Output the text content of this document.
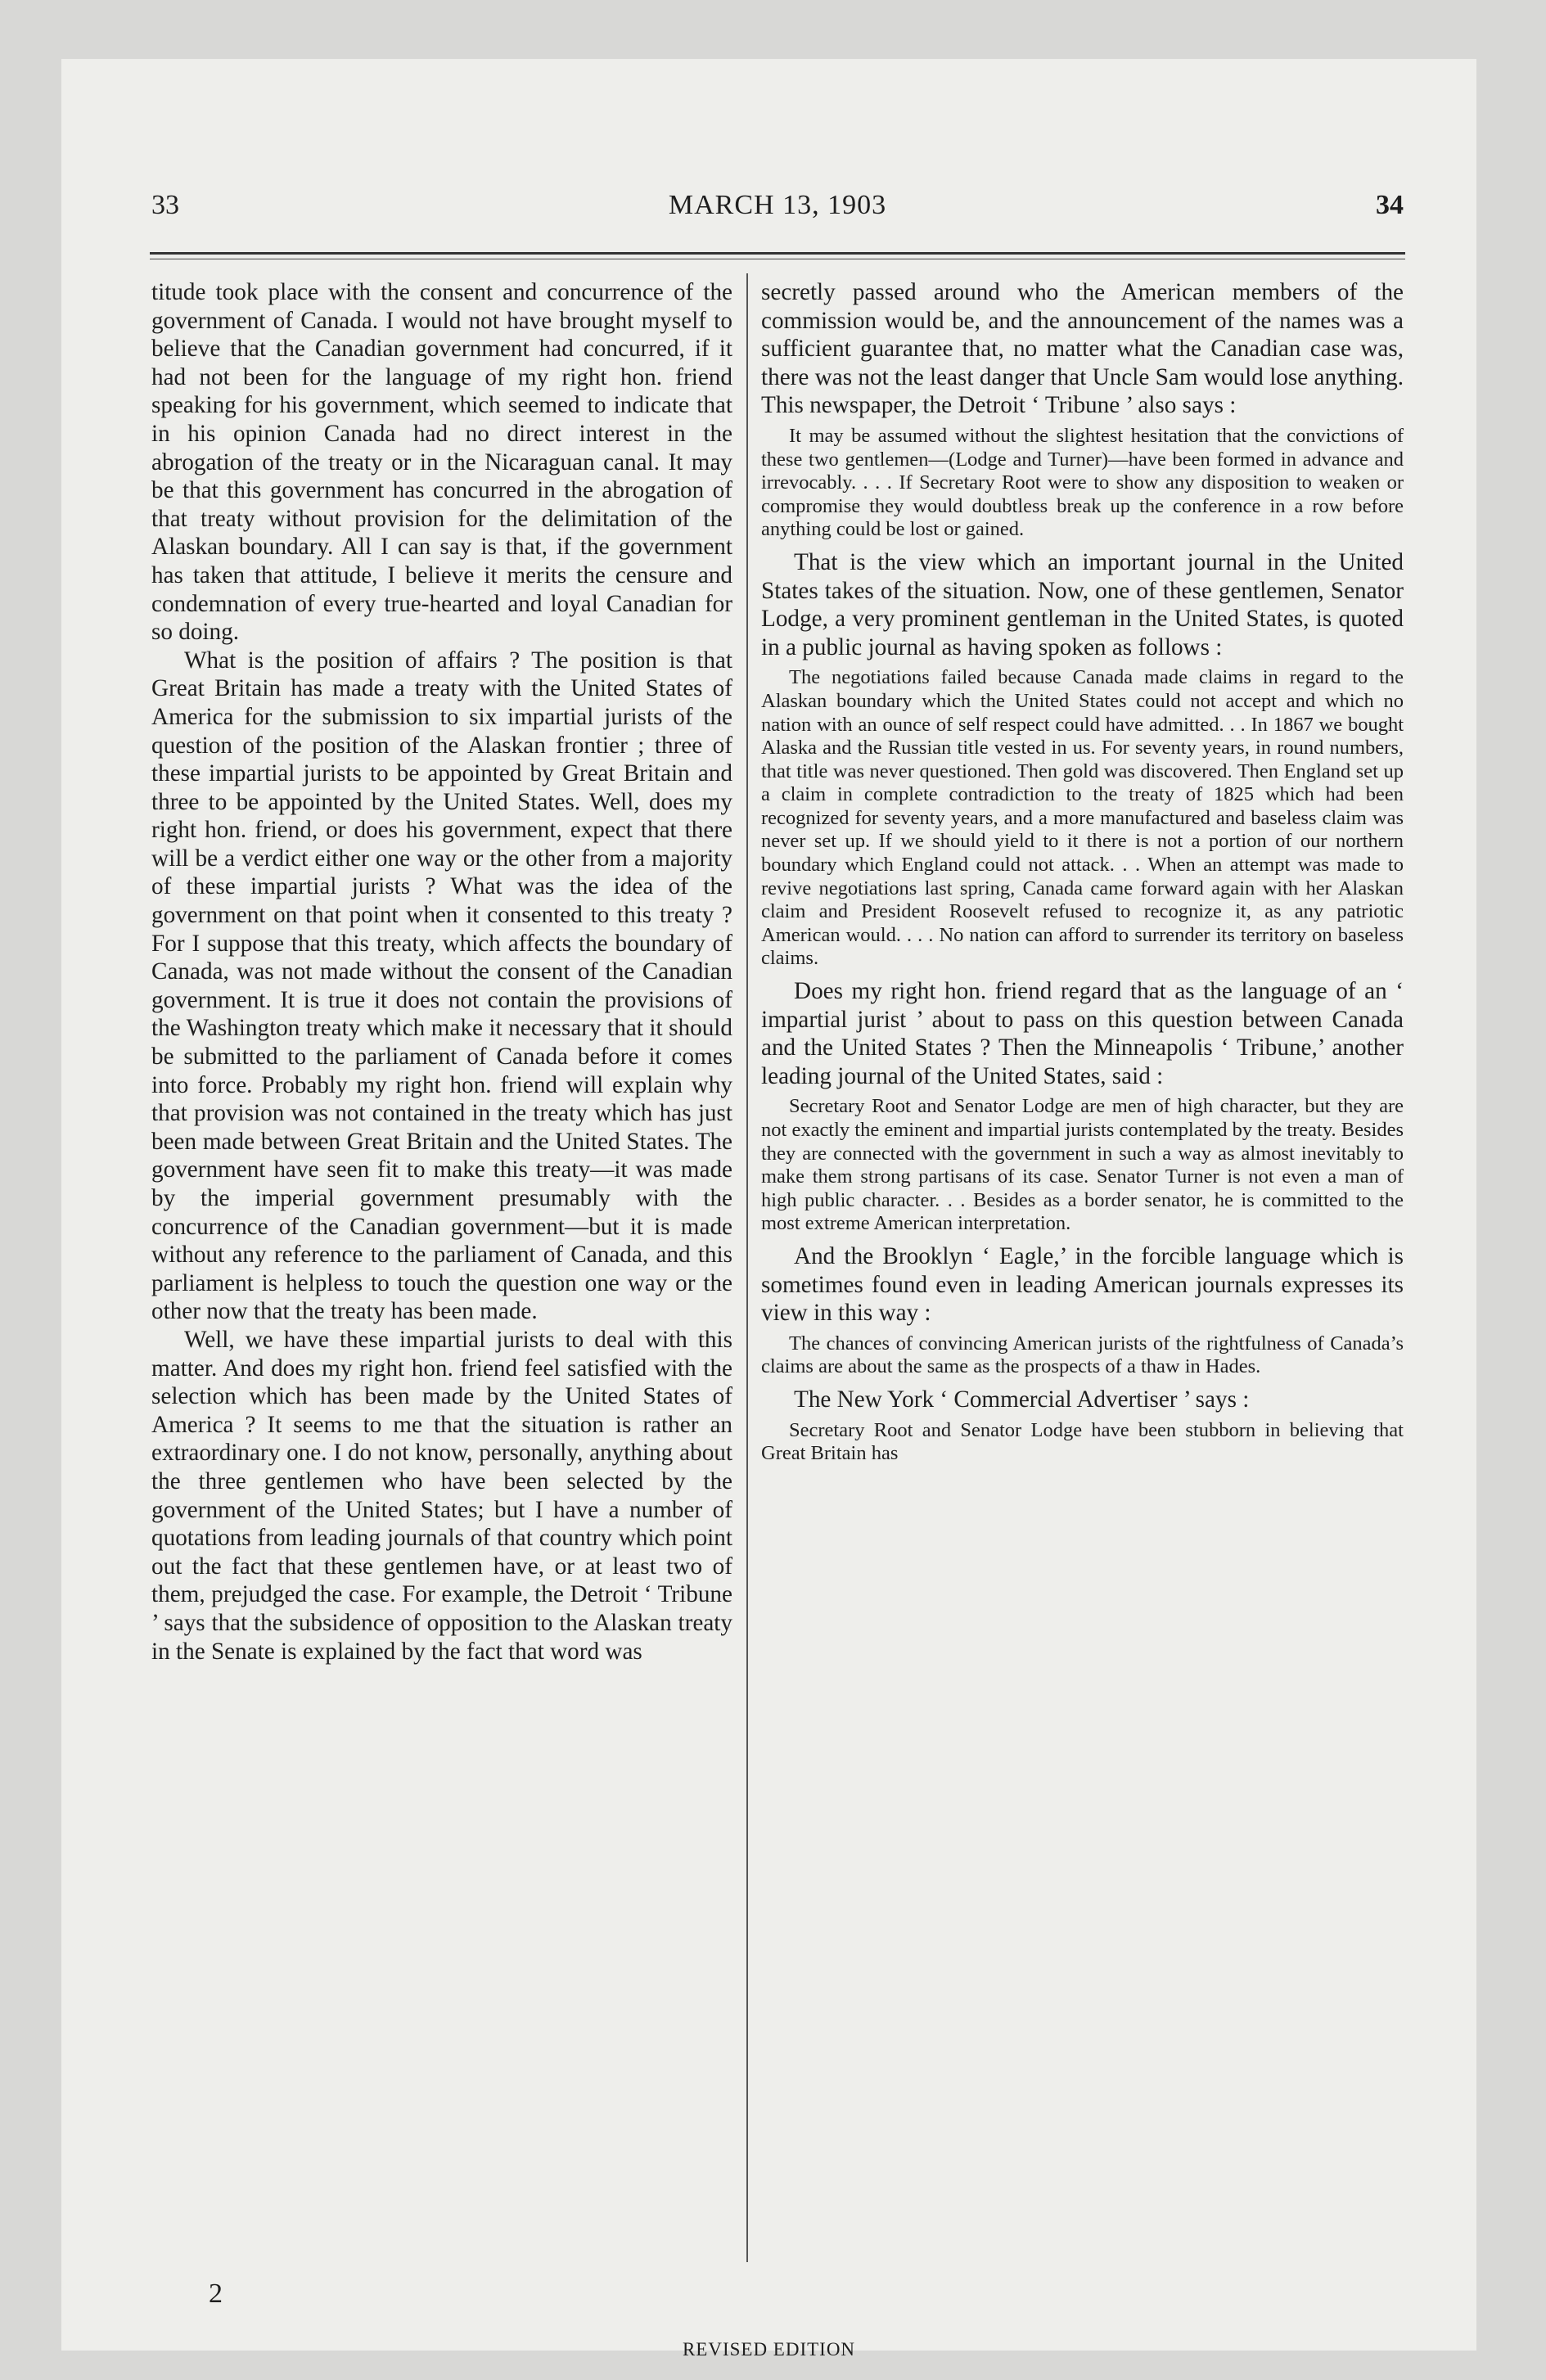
33	MARCH 13, 1903	34

titude took place with the consent and concurrence of the government of Canada. I would not have brought myself to believe that the Canadian government had concurred, if it had not been for the language of my right hon. friend speaking for his government, which seemed to indicate that in his opinion Canada had no direct interest in the abrogation of the treaty or in the Nicaraguan canal. It may be that this government has concurred in the abrogation of that treaty without provision for the delimitation of the Alaskan boundary. All I can say is that, if the government has taken that attitude, I believe it merits the censure and condemnation of every true-hearted and loyal Canadian for so doing.

What is the position of affairs ? The position is that Great Britain has made a treaty with the United States of America for the submission to six impartial jurists of the question of the position of the Alaskan frontier ; three of these impartial jurists to be appointed by Great Britain and three to be appointed by the United States. Well, does my right hon. friend, or does his government, expect that there will be a verdict either one way or the other from a majority of these impartial jurists ? What was the idea of the government on that point when it consented to this treaty ? For I suppose that this treaty, which affects the boundary of Canada, was not made without the consent of the Canadian government. It is true it does not contain the provisions of the Washington treaty which make it necessary that it should be submitted to the parliament of Canada before it comes into force. Probably my right hon. friend will explain why that provision was not contained in the treaty which has just been made between Great Britain and the United States. The government have seen fit to make this treaty—it was made by the imperial government presumably with the concurrence of the Canadian government—but it is made without any reference to the parliament of Canada, and this parliament is helpless to touch the question one way or the other now that the treaty has been made.

Well, we have these impartial jurists to deal with this matter. And does my right hon. friend feel satisfied with the selection which has been made by the United States of America ? It seems to me that the situation is rather an extraordinary one. I do not know, personally, anything about the three gentlemen who have been selected by the government of the United States; but I have a number of quotations from leading journals of that country which point out the fact that these gentlemen have, or at least two of them, prejudged the case. For example, the Detroit ‘ Tribune ’ says that the subsidence of opposition to the Alaskan treaty in the Senate is explained by the fact that word was

secretly passed around who the American members of the commission would be, and the announcement of the names was a sufficient guarantee that, no matter what the Canadian case was, there was not the least danger that Uncle Sam would lose anything. This newspaper, the Detroit ‘ Tribune ’ also says :

It may be assumed without the slightest hesitation that the convictions of these two gentlemen—(Lodge and Turner)—have been formed in advance and irrevocably. . . . If Secretary Root were to show any disposition to weaken or compromise they would doubtless break up the conference in a row before anything could be lost or gained.

That is the view which an important journal in the United States takes of the situation. Now, one of these gentlemen, Senator Lodge, a very prominent gentleman in the United States, is quoted in a public journal as having spoken as follows :

The negotiations failed because Canada made claims in regard to the Alaskan boundary which the United States could not accept and which no nation with an ounce of self respect could have admitted. . . In 1867 we bought Alaska and the Russian title vested in us. For seventy years, in round numbers, that title was never questioned. Then gold was discovered. Then England set up a claim in complete contradiction to the treaty of 1825 which had been recognized for seventy years, and a more manufactured and baseless claim was never set up. If we should yield to it there is not a portion of our northern boundary which England could not attack. . . When an attempt was made to revive negotiations last spring, Canada came forward again with her Alaskan claim and President Roosevelt refused to recognize it, as any patriotic American would. . . . No nation can afford to surrender its territory on baseless claims.

Does my right hon. friend regard that as the language of an ‘ impartial jurist ’ about to pass on this question between Canada and the United States ? Then the Minneapolis ‘ Tribune,’ another leading journal of the United States, said :

Secretary Root and Senator Lodge are men of high character, but they are not exactly the eminent and impartial jurists contemplated by the treaty. Besides they are connected with the government in such a way as almost inevitably to make them strong partisans of its case. Senator Turner is not even a man of high public character. . . Besides as a border senator, he is committed to the most extreme American interpretation.

And the Brooklyn ‘ Eagle,’ in the forcible language which is sometimes found even in leading American journals expresses its view in this way :

The chances of convincing American jurists of the rightfulness of Canada’s claims are about the same as the prospects of a thaw in Hades.

The New York ‘ Commercial Advertiser ’ says :

Secretary Root and Senator Lodge have been stubborn in believing that Great Britain has

2
REVISED EDITION
